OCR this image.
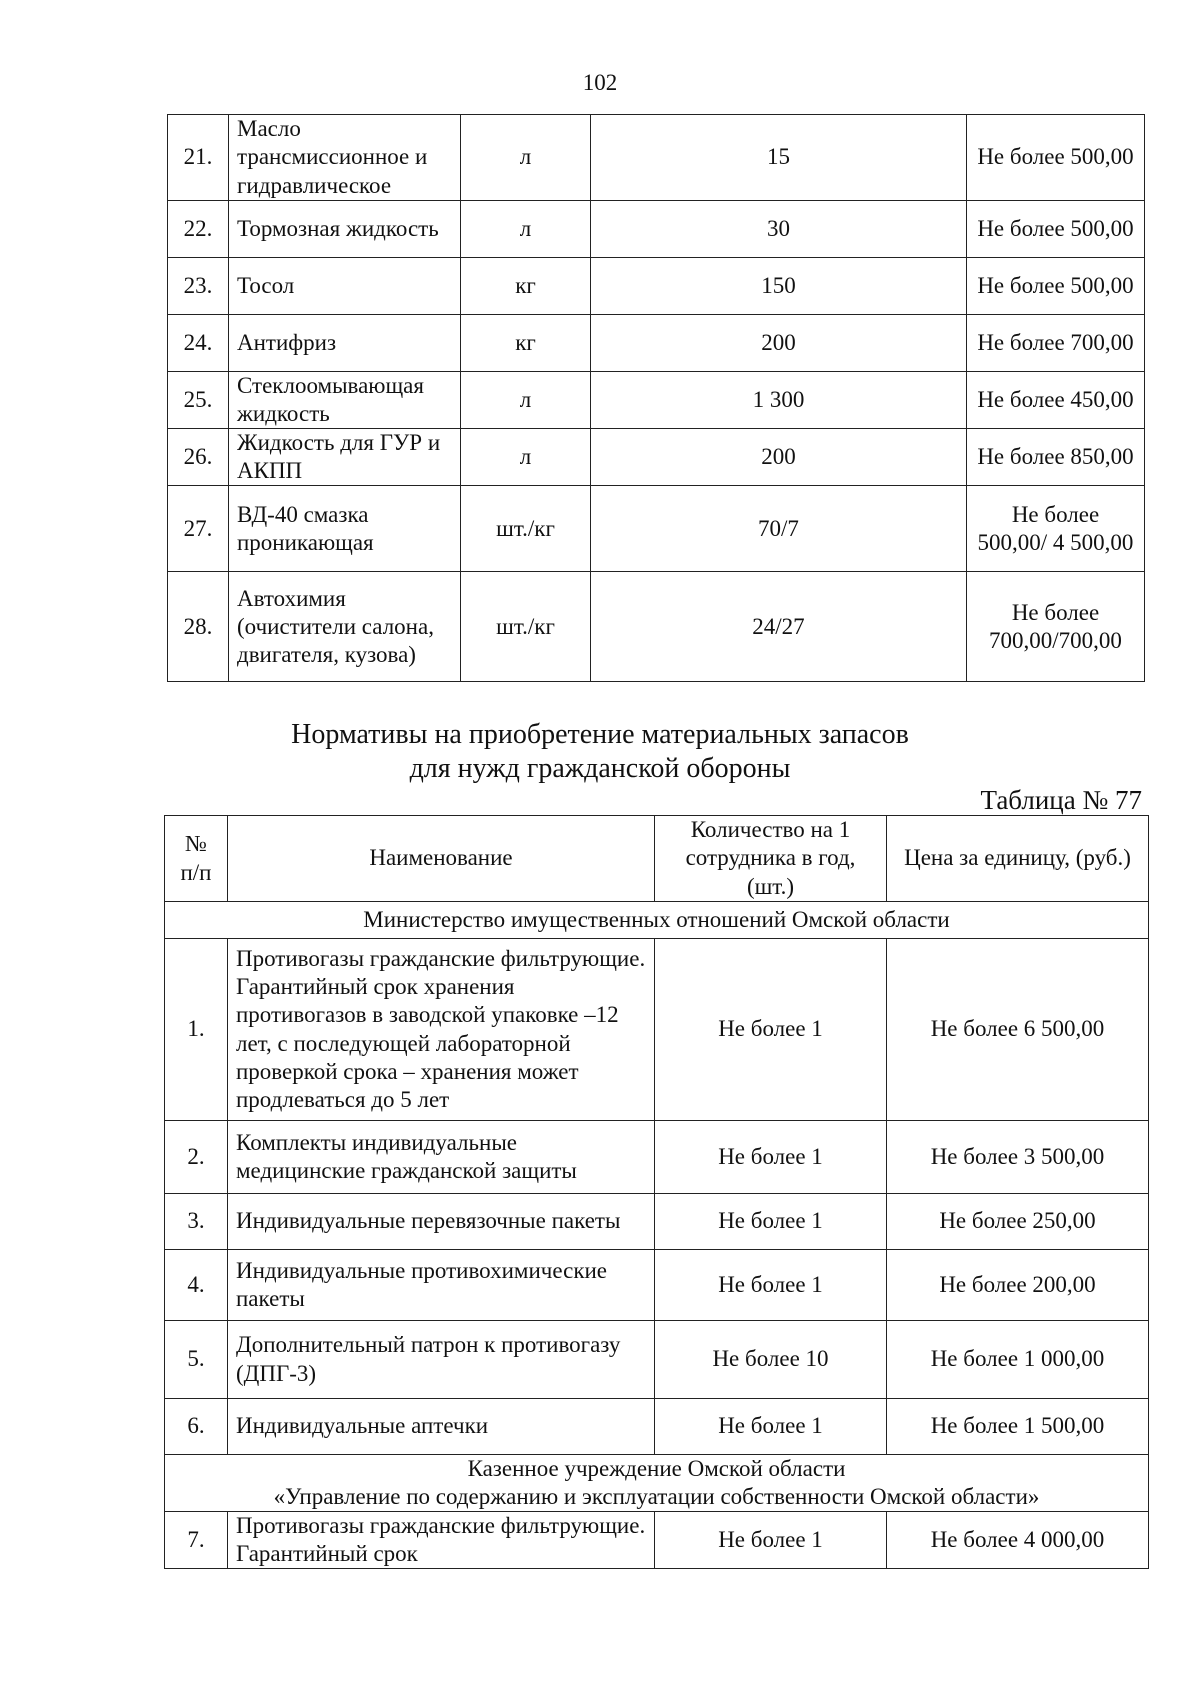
102
21.	Масло трансмиссионное и гидравлическое	л	15	Не более 500,00
22.	Тормозная жидкость	л	30	Не более 500,00
23.	Тосол	кг	150	Не более 500,00
24.	Антифриз	кг	200	Не более 700,00
25.	Стеклоомывающая жидкость	л	1 300	Не более 450,00
26.	Жидкость для ГУР и АКПП	л	200	Не более 850,00
27.	ВД-40 смазка проникающая	шт./кг	70/7	Не более 500,00/ 4 500,00
28.	Автохимия (очистители салона, двигателя, кузова)	шт./кг	24/27	Не более 700,00/700,00
Нормативы на приобретение материальных запасов
для нужд гражданской обороны
Таблица № 77
№ п/п	Наименование	Количество на 1 сотрудника в год, (шт.)	Цена за единицу, (руб.)
Министерство имущественных отношений Омской области			
1.	Противогазы гражданские фильтрующие. Гарантийный срок хранения противогазов в заводской упаковке –12 лет, с последующей лабораторной проверкой срока – хранения может продлеваться до 5 лет	Не более 1	Не более 6 500,00
2.	Комплекты индивидуальные медицинские гражданской защиты	Не более 1	Не более 3 500,00
3.	Индивидуальные перевязочные пакеты	Не более 1	Не более 250,00
4.	Индивидуальные противохимические пакеты	Не более 1	Не более 200,00
5.	Дополнительный патрон к противогазу (ДПГ-3)	Не более 10	Не более 1 000,00
6.	Индивидуальные аптечки	Не более 1	Не более 1 500,00

Казенное учреждение Омской области
«Управление по содержанию и эксплуатации собственности Омской области»			

7.	Противогазы гражданские фильтрующие. Гарантийный срок	Не более 1	Не более 4 000,00
